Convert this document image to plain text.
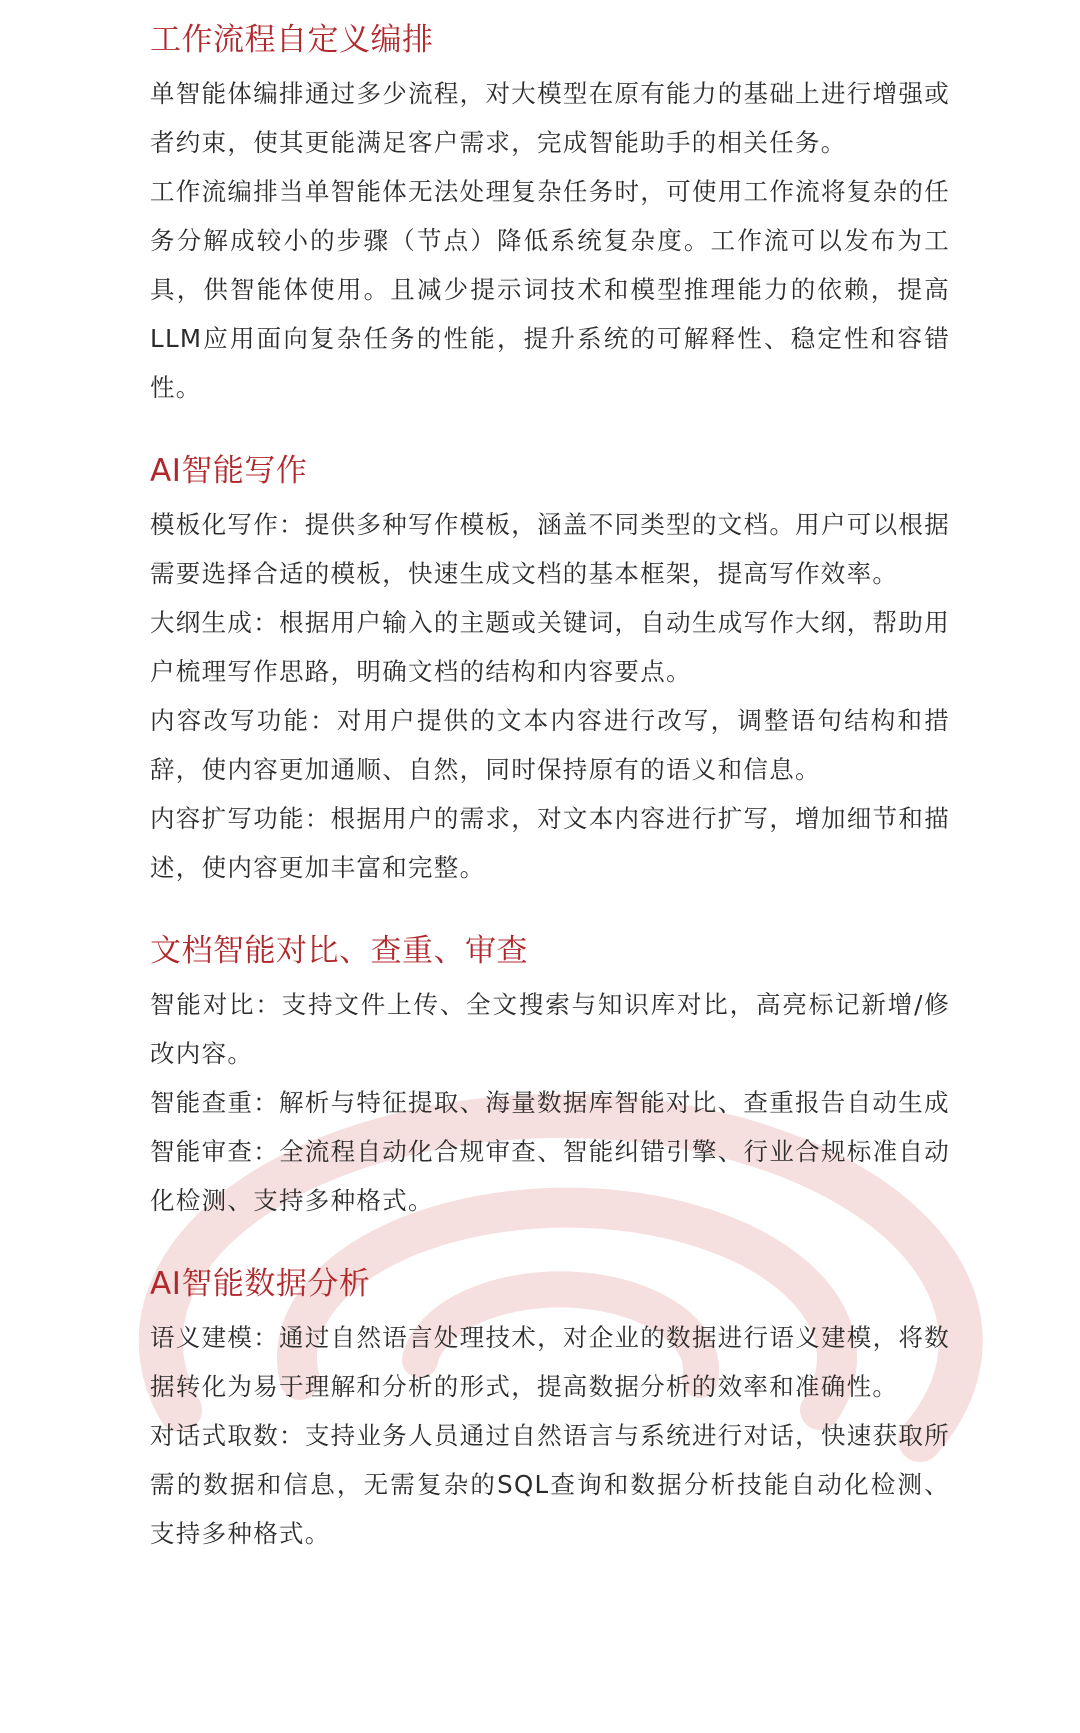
工作流程自定义编排

单智能体编排通过多少流程，对大模型在原有能力的基础上进行增强或者约束，使其更能满足客户需求，完成智能助手的相关任务。

工作流编排当单智能体无法处理复杂任务时，可使用工作流将复杂的任务分解成较小的步骤（节点）降低系统复杂度。工作流可以发布为工具，供智能体使用。且减少提示词技术和模型推理能力的依赖，提高LLM应用面向复杂任务的性能，提升系统的可解释性、稳定性和容错性。

AI智能写作

模板化写作：提供多种写作模板，涵盖不同类型的文档。用户可以根据需要选择合适的模板，快速生成文档的基本框架，提高写作效率。

大纲生成：根据用户输入的主题或关键词，自动生成写作大纲，帮助用户梳理写作思路，明确文档的结构和内容要点。

内容改写功能：对用户提供的文本内容进行改写，调整语句结构和措辞，使内容更加通顺、自然，同时保持原有的语义和信息。

内容扩写功能：根据用户的需求，对文本内容进行扩写，增加细节和描述，使内容更加丰富和完整。

文档智能对比、查重、审查

智能对比：支持文件上传、全文搜索与知识库对比，高亮标记新增/修改内容。

智能查重：解析与特征提取、海量数据库智能对比、查重报告自动生成

智能审查：全流程自动化合规审查、智能纠错引擎、行业合规标准自动化检测、支持多种格式。

AI智能数据分析

语义建模：通过自然语言处理技术，对企业的数据进行语义建模，将数据转化为易于理解和分析的形式，提高数据分析的效率和准确性。

对话式取数：支持业务人员通过自然语言与系统进行对话，快速获取所需的数据和信息，无需复杂的SQL查询和数据分析技能自动化检测、支持多种格式。
